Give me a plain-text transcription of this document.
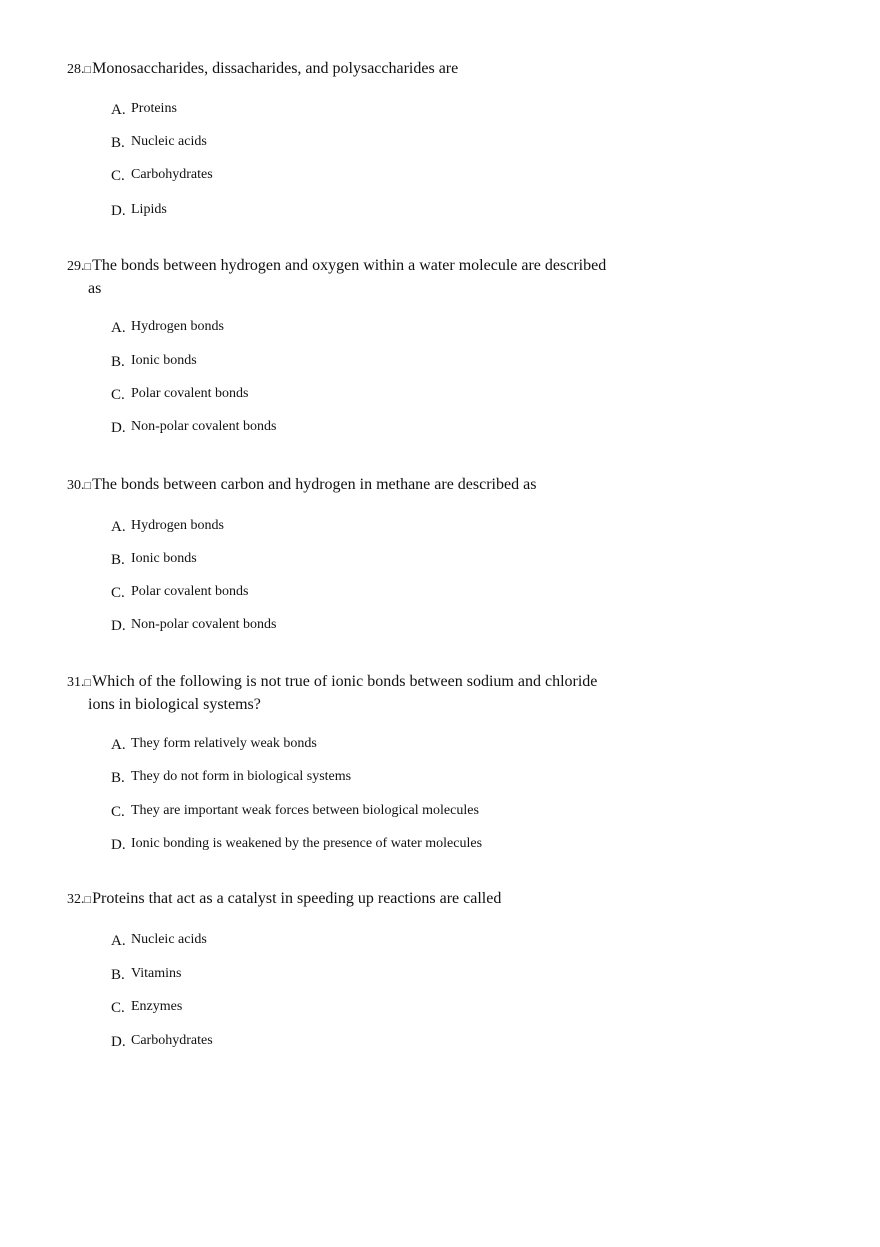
28.□Monosaccharides, dissacharides, and polysaccharides are
A. Proteins
B. Nucleic acids
C. Carbohydrates
D. Lipids
29.□The bonds between hydrogen and oxygen within a water molecule are described
as
A. Hydrogen bonds
B. Ionic bonds
C. Polar covalent bonds
D. Non-polar covalent bonds
30.□The bonds between carbon and hydrogen in methane are described as
A. Hydrogen bonds
B. Ionic bonds
C. Polar covalent bonds
D. Non-polar covalent bonds
31.□Which of the following is not true of ionic bonds between sodium and chloride
ions in biological systems?
A. They form relatively weak bonds
B. They do not form in biological systems
C. They are important weak forces between biological molecules
D. Ionic bonding is weakened by the presence of water molecules
32.□Proteins that act as a catalyst in speeding up reactions are called
A. Nucleic acids
B. Vitamins
C. Enzymes
D. Carbohydrates
